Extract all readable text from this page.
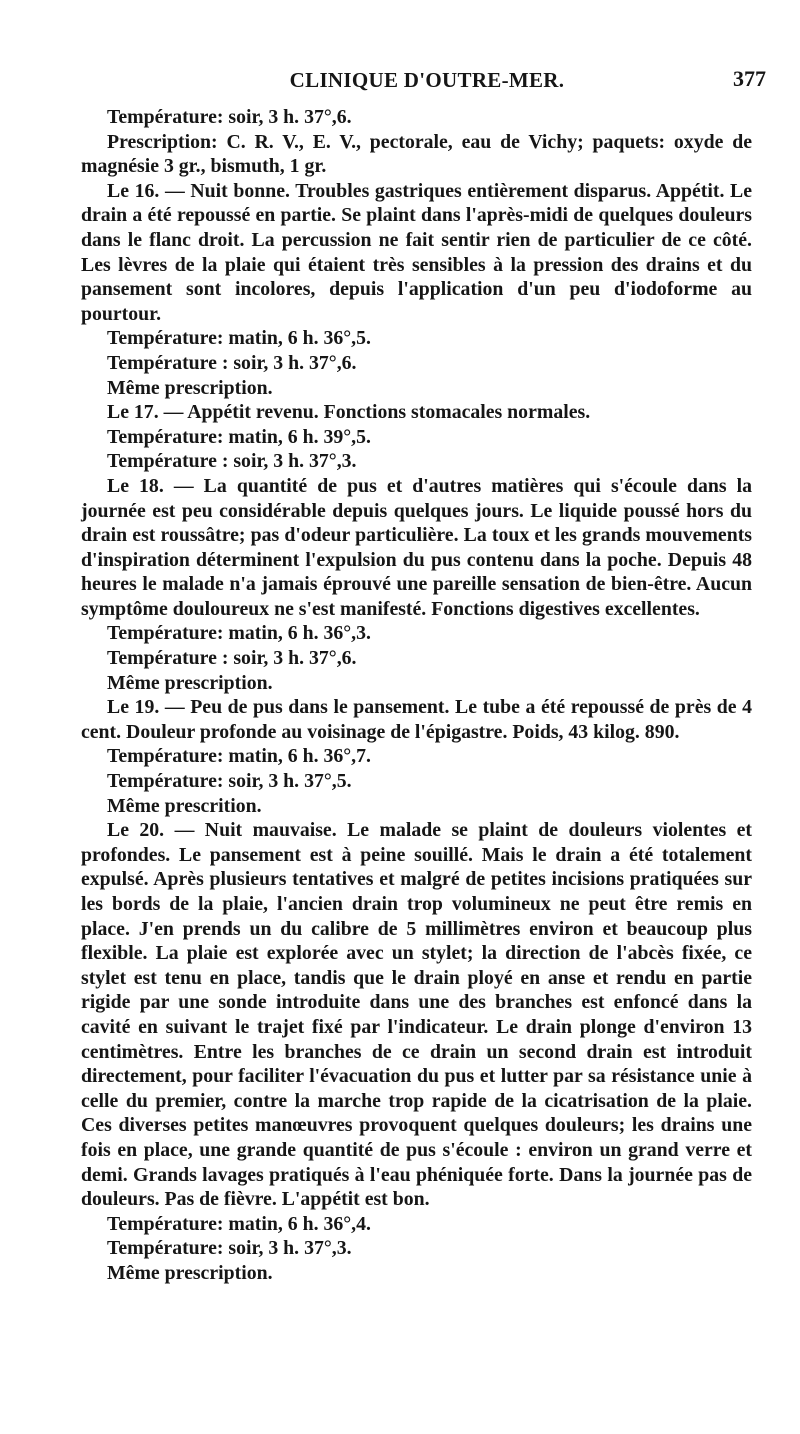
CLINIQUE D'OUTRE-MER.	377

Température: soir, 3 h. 37°,6.

Prescription: C. R. V., E. V., pectorale, eau de Vichy; paquets: oxyde de magnésie 3 gr., bismuth, 1 gr.

Le 16. — Nuit bonne. Troubles gastriques entièrement disparus. Appétit. Le drain a été repoussé en partie. Se plaint dans l'après-midi de quelques douleurs dans le flanc droit. La percussion ne fait sentir rien de particulier de ce côté. Les lèvres de la plaie qui étaient très sensibles à la pression des drains et du pansement sont incolores, depuis l'application d'un peu d'iodoforme au pourtour.

Température: matin, 6 h. 36°,5.

Température : soir, 3 h. 37°,6.

Même prescription.

Le 17. — Appétit revenu. Fonctions stomacales normales.

Température: matin, 6 h. 39°,5.

Température : soir, 3 h. 37°,3.

Le 18. — La quantité de pus et d'autres matières qui s'écoule dans la journée est peu considérable depuis quelques jours. Le liquide poussé hors du drain est roussâtre; pas d'odeur particulière. La toux et les grands mouvements d'inspiration déterminent l'expulsion du pus contenu dans la poche. Depuis 48 heures le malade n'a jamais éprouvé une pareille sensation de bien-être. Aucun symptôme douloureux ne s'est manifesté. Fonctions digestives excellentes.

Température: matin, 6 h. 36°,3.

Température : soir, 3 h. 37°,6.

Même prescription.

Le 19. — Peu de pus dans le pansement. Le tube a été repoussé de près de 4 cent. Douleur profonde au voisinage de l'épigastre. Poids, 43 kilog. 890.

Température: matin, 6 h. 36°,7.

Température: soir, 3 h. 37°,5.

Même prescrition.

Le 20. — Nuit mauvaise. Le malade se plaint de douleurs violentes et profondes. Le pansement est à peine souillé. Mais le drain a été totalement expulsé. Après plusieurs tentatives et malgré de petites incisions pratiquées sur les bords de la plaie, l'ancien drain trop volumineux ne peut être remis en place. J'en prends un du calibre de 5 millimètres environ et beaucoup plus flexible. La plaie est explorée avec un stylet; la direction de l'abcès fixée, ce stylet est tenu en place, tandis que le drain ployé en anse et rendu en partie rigide par une sonde introduite dans une des branches est enfoncé dans la cavité en suivant le trajet fixé par l'indicateur. Le drain plonge d'environ 13 centimètres. Entre les branches de ce drain un second drain est introduit directement, pour faciliter l'évacuation du pus et lutter par sa résistance unie à celle du premier, contre la marche trop rapide de la cicatrisation de la plaie. Ces diverses petites manœuvres provoquent quelques douleurs; les drains une fois en place, une grande quantité de pus s'écoule : environ un grand verre et demi. Grands lavages pratiqués à l'eau phéniquée forte. Dans la journée pas de douleurs. Pas de fièvre. L'appétit est bon.

Température: matin, 6 h. 36°,4.

Température: soir, 3 h. 37°,3.

Même prescription.
